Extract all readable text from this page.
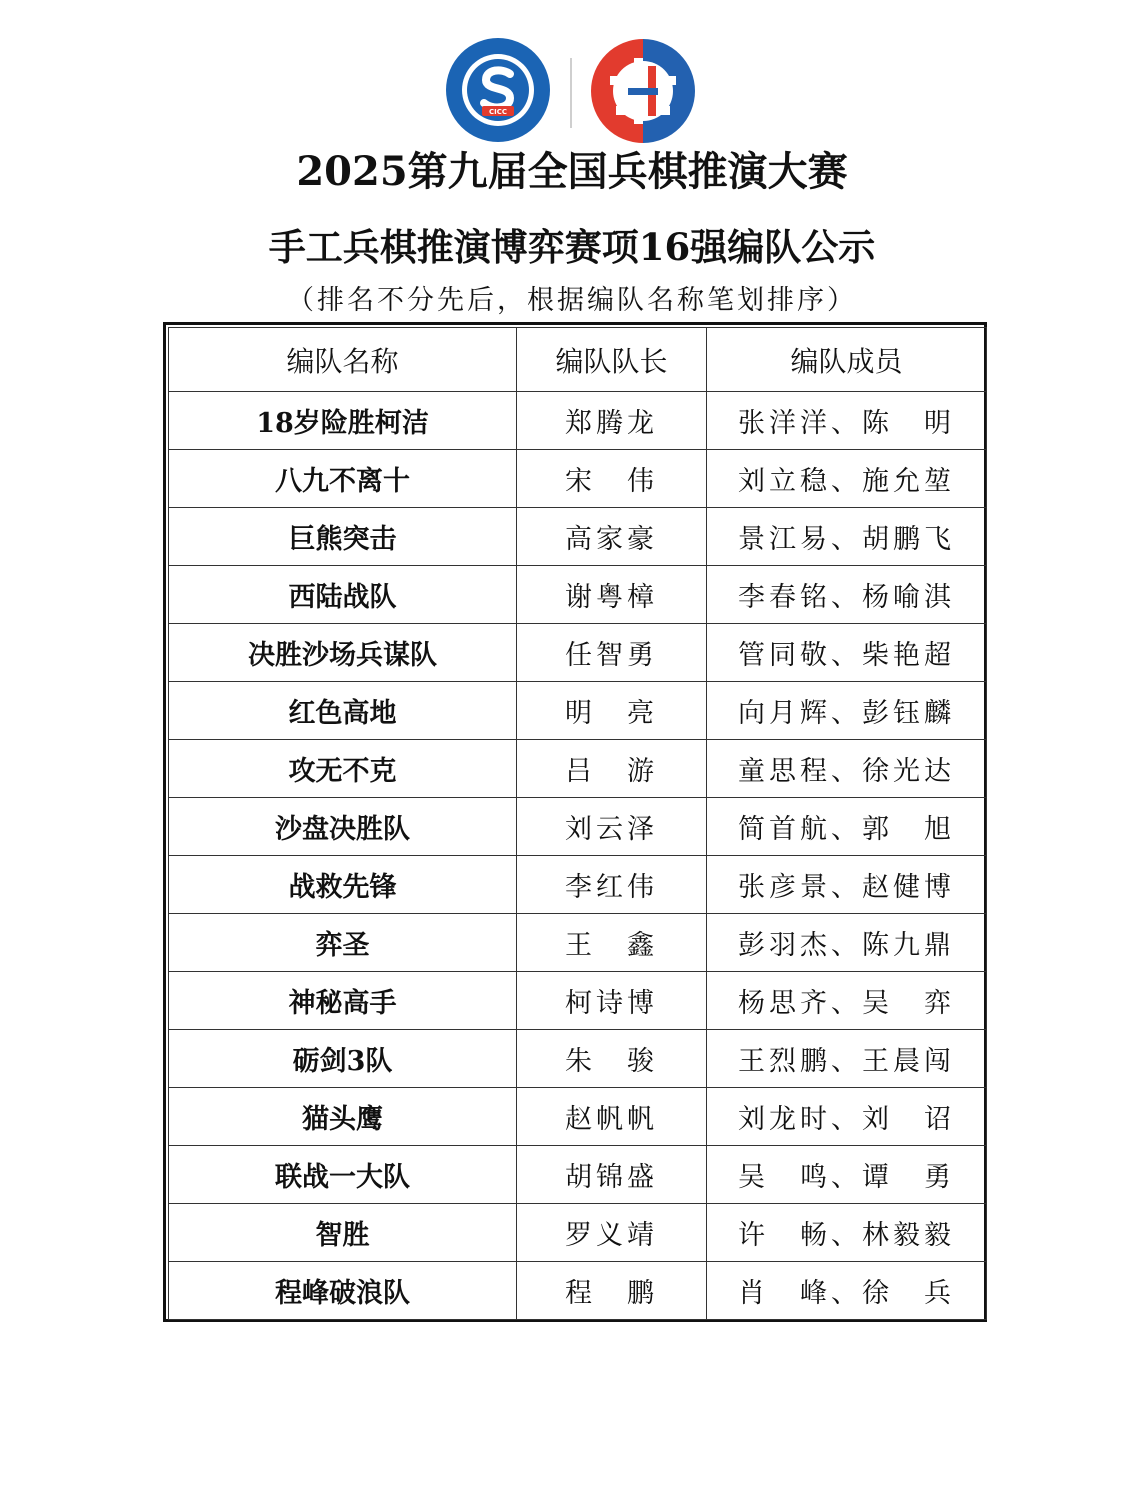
CICC
2025第九届全国兵棋推演大赛
手工兵棋推演博弈赛项16强编队公示
（排名不分先后，根据编队名称笔划排序）
编队名称	编队队长	编队成员
18岁险胜柯洁	郑腾龙	张洋洋、陈　明
八九不离十	宋　伟	刘立稳、施允堃
巨熊突击	高家豪	景江易、胡鹏飞
西陆战队	谢粤樟	李春铭、杨喻淇
决胜沙场兵谋队	任智勇	管同敬、柴艳超
红色高地	明　亮	向月辉、彭钰麟
攻无不克	吕　游	童思程、徐光达
沙盘决胜队	刘云泽	简首航、郭　旭
战救先锋	李红伟	张彦景、赵健博
弈圣	王　鑫	彭羽杰、陈九鼎
神秘高手	柯诗博	杨思齐、吴　弈
砺剑3队	朱　骏	王烈鹏、王晨闯
猫头鹰	赵帆帆	刘龙时、刘　诏
联战一大队	胡锦盛	吴　鸣、谭　勇
智胜	罗义靖	许　畅、林毅毅
程峰破浪队	程　鹏	肖　峰、徐　兵
